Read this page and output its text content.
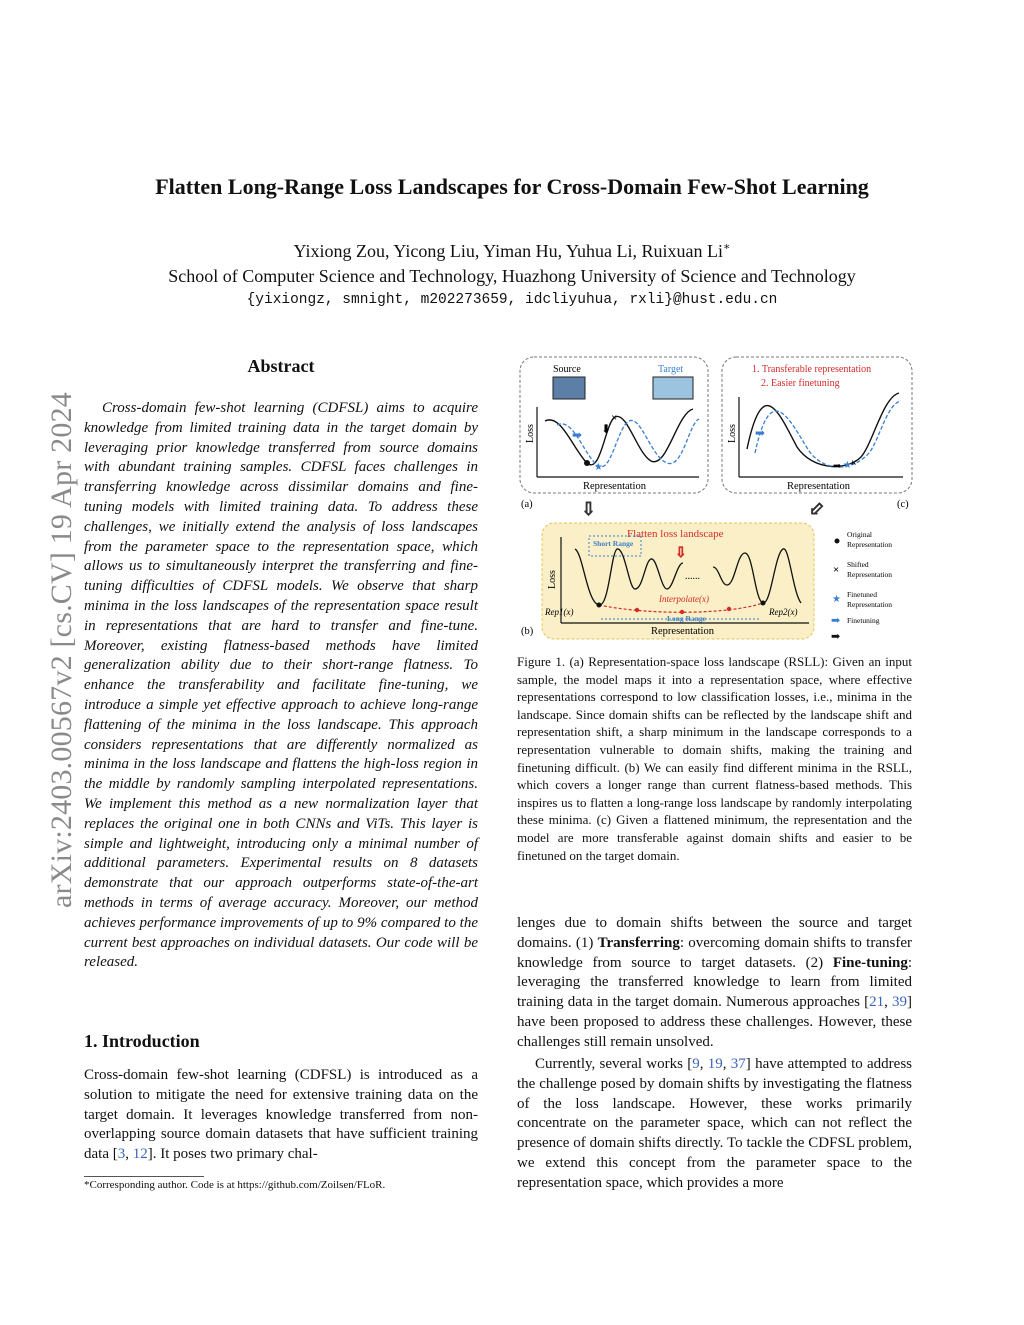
arXiv:2403.00567v2 [cs.CV] 19 Apr 2024
Flatten Long-Range Loss Landscapes for Cross-Domain Few-Shot Learning
Yixiong Zou, Yicong Liu, Yiman Hu, Yuhua Li, Ruixuan Li∗
School of Computer Science and Technology, Huazhong University of Science and Technology
{yixiongz, smnight, m202273659, idcliyuhua, rxli}@hust.edu.cn
Abstract

Cross-domain few-shot learning (CDFSL) aims to acquire knowledge from limited training data in the target domain by leveraging prior knowledge transferred from source domains with abundant training samples. CDFSL faces challenges in transferring knowledge across dissimilar domains and fine-tuning models with limited training data. To address these challenges, we initially extend the analysis of loss landscapes from the parameter space to the representation space, which allows us to simultaneously interpret the transferring and fine-tuning difficulties of CDFSL models. We observe that sharp minima in the loss landscapes of the representation space result in representations that are hard to transfer and fine-tune. Moreover, existing flatness-based methods have limited generalization ability due to their short-range flatness. To enhance the transferability and facilitate fine-tuning, we introduce a simple yet effective approach to achieve long-range flattening of the minima in the loss landscape. This approach considers representations that are differently normalized as minima in the loss landscape and flattens the high-loss region in the middle by randomly sampling interpolated representations. We implement this method as a new normalization layer that replaces the original one in both CNNs and ViTs. This layer is simple and lightweight, introducing only a minimal number of additional parameters. Experimental results on 8 datasets demonstrate that our approach outperforms state-of-the-art methods in terms of average accuracy. Moreover, our method achieves performance improvements of up to 9% compared to the current best approaches on individual datasets. Our code will be released.

1. Introduction

Cross-domain few-shot learning (CDFSL) is introduced as a solution to mitigate the need for extensive training data on the target domain. It leverages knowledge transferred from non-overlapping source domain datasets that have sufficient training data [3, 12]. It poses two primary chal-

*Corresponding author. Code is at https://github.com/Zoilsen/FLoR.
Source	Target
×
★
➡ ⬇
Loss
Representation
(a)
1. Transferable representation
2. Easier finetuning
➡ ★ ×
➡
Loss
Representation
(c)
⇩	⬃
Flatten loss landscape
⇩
Short Range
......
Interpolate(x)
Rep1(x)	Rep2(x)
Long Range
Loss
Representation
(b)
Original
Representation
× Shifted
Representation
★ Finetuned
Representation
➡ Finetuning
➡

Figure 1. (a) Representation-space loss landscape (RSLL): Given an input sample, the model maps it into a representation space, where effective representations correspond to low classification losses, i.e., minima in the landscape. Since domain shifts can be reflected by the landscape shift and representation shift, a sharp minimum in the landscape corresponds to a representation vulnerable to domain shifts, making the training and finetuning difficult. (b) We can easily find different minima in the RSLL, which covers a longer range than current flatness-based methods. This inspires us to flatten a long-range loss landscape by randomly interpolating these minima. (c) Given a flattened minimum, the representation and the model are more transferable against domain shifts and easier to be finetuned on the target domain.

lenges due to domain shifts between the source and target domains. (1) Transferring: overcoming domain shifts to transfer knowledge from source to target datasets. (2) Fine-tuning: leveraging the transferred knowledge to learn from limited training data in the target domain. Numerous approaches [21, 39] have been proposed to address these challenges. However, these challenges still remain unsolved.

Currently, several works [9, 19, 37] have attempted to address the challenge posed by domain shifts by investigating the flatness of the loss landscape. However, these works primarily concentrate on the parameter space, which can not reflect the presence of domain shifts directly. To tackle the CDFSL problem, we extend this concept from the parameter space to the representation space, which provides a more
